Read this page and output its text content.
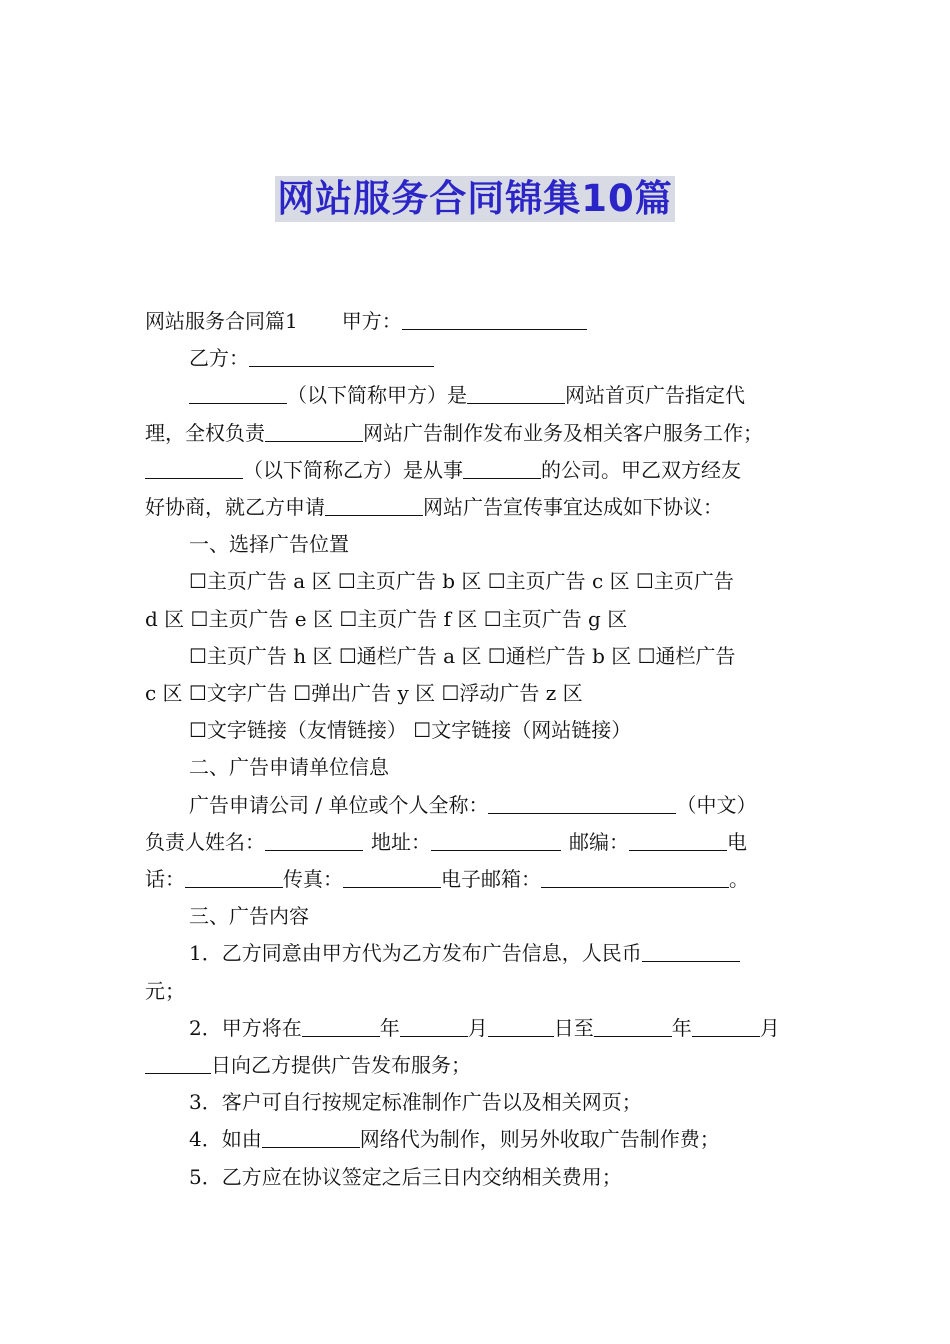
网站服务合同锦集10篇

网站服务合同篇1 甲方：

乙方：

（以下简称甲方）是	网站首页广告指定代

理，全权负责	网站广告制作发布业务及相关客户服务工作；

（以下简称乙方）是从事	的公司。甲乙双方经友

好协商，就乙方申请	网站广告宣传事宜达成如下协议：

一、选择广告位置

☐主页广告 a 区 ☐主页广告 b 区 ☐主页广告 c 区 ☐主页广告

d 区 ☐主页广告 e 区 ☐主页广告 f 区 ☐主页广告 g 区

☐主页广告 h 区 ☐通栏广告 a 区 ☐通栏广告 b 区 ☐通栏广告

c 区 ☐文字广告 ☐弹出广告 y 区 ☐浮动广告 z 区

☐文字链接（友情链接） ☐文字链接（网站链接）

二、广告申请单位信息

广告申请公司 / 单位或个人全称：	（中文）

负责人姓名：	地址：	邮编：	电

话：	传真：	电子邮箱：	。

三、广告内容

1．乙方同意由甲方代为乙方发布广告信息，人民币

元；

2．甲方将在	年	月	日至	年	月

日向乙方提供广告发布服务；

3．客户可自行按规定标准制作广告以及相关网页；

4．如由	网络代为制作，则另外收取广告制作费；

5．乙方应在协议签定之后三日内交纳相关费用；
